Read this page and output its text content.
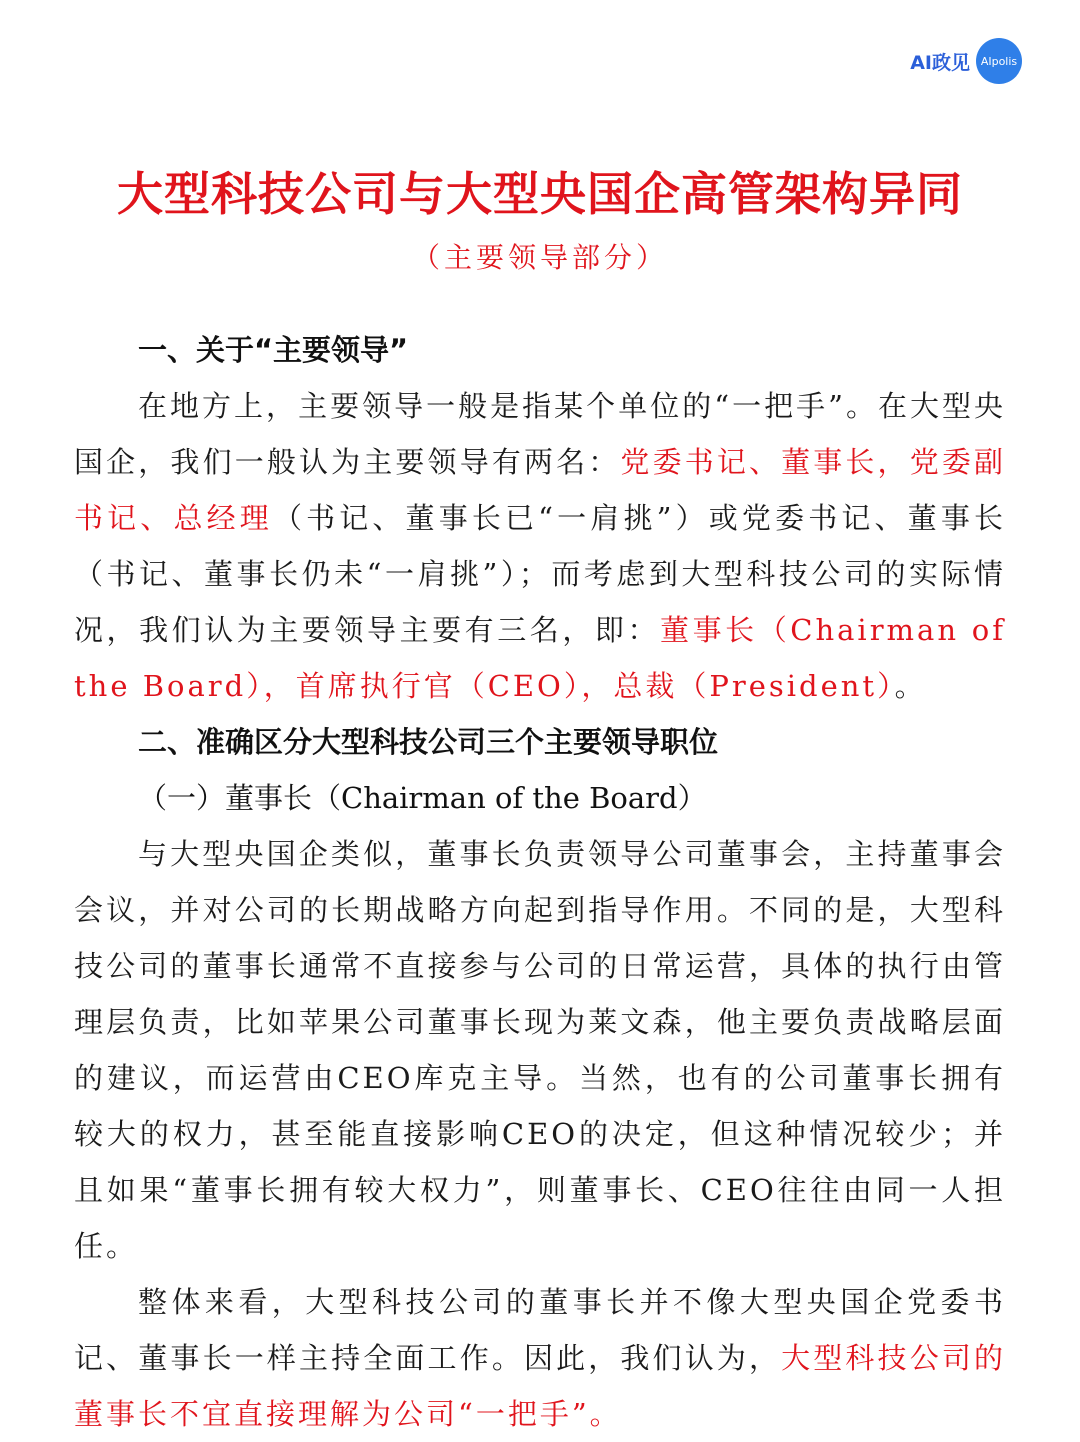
AI政见 AIpolis
大型科技公司与大型央国企高管架构异同
（主要领导部分）
一、关于“主要领导”

在地方上，主要领导一般是指某个单位的“一把手”。在大型央国企，我们一般认为主要领导有两名：党委书记、董事长，党委副书记、总经理（书记、董事长已“一肩挑”）或党委书记、董事长（书记、董事长仍未“一肩挑”）；而考虑到大型科技公司的实际情况，我们认为主要领导主要有三名，即：董事长（Chairman of the Board），首席执行官（CEO），总裁（President）。

二、准确区分大型科技公司三个主要领导职位
（一）董事长（Chairman of the Board）

与大型央国企类似，董事长负责领导公司董事会，主持董事会会议，并对公司的长期战略方向起到指导作用。不同的是，大型科技公司的董事长通常不直接参与公司的日常运营，具体的执行由管理层负责，比如苹果公司董事长现为莱文森，他主要负责战略层面的建议，而运营由CEO库克主导。当然，也有的公司董事长拥有较大的权力，甚至能直接影响CEO的决定，但这种情况较少；并且如果“董事长拥有较大权力”，则董事长、CEO往往由同一人担任。

整体来看，大型科技公司的董事长并不像大型央国企党委书记、董事长一样主持全面工作。因此，我们认为，大型科技公司的董事长不宜直接理解为公司“一把手”。
